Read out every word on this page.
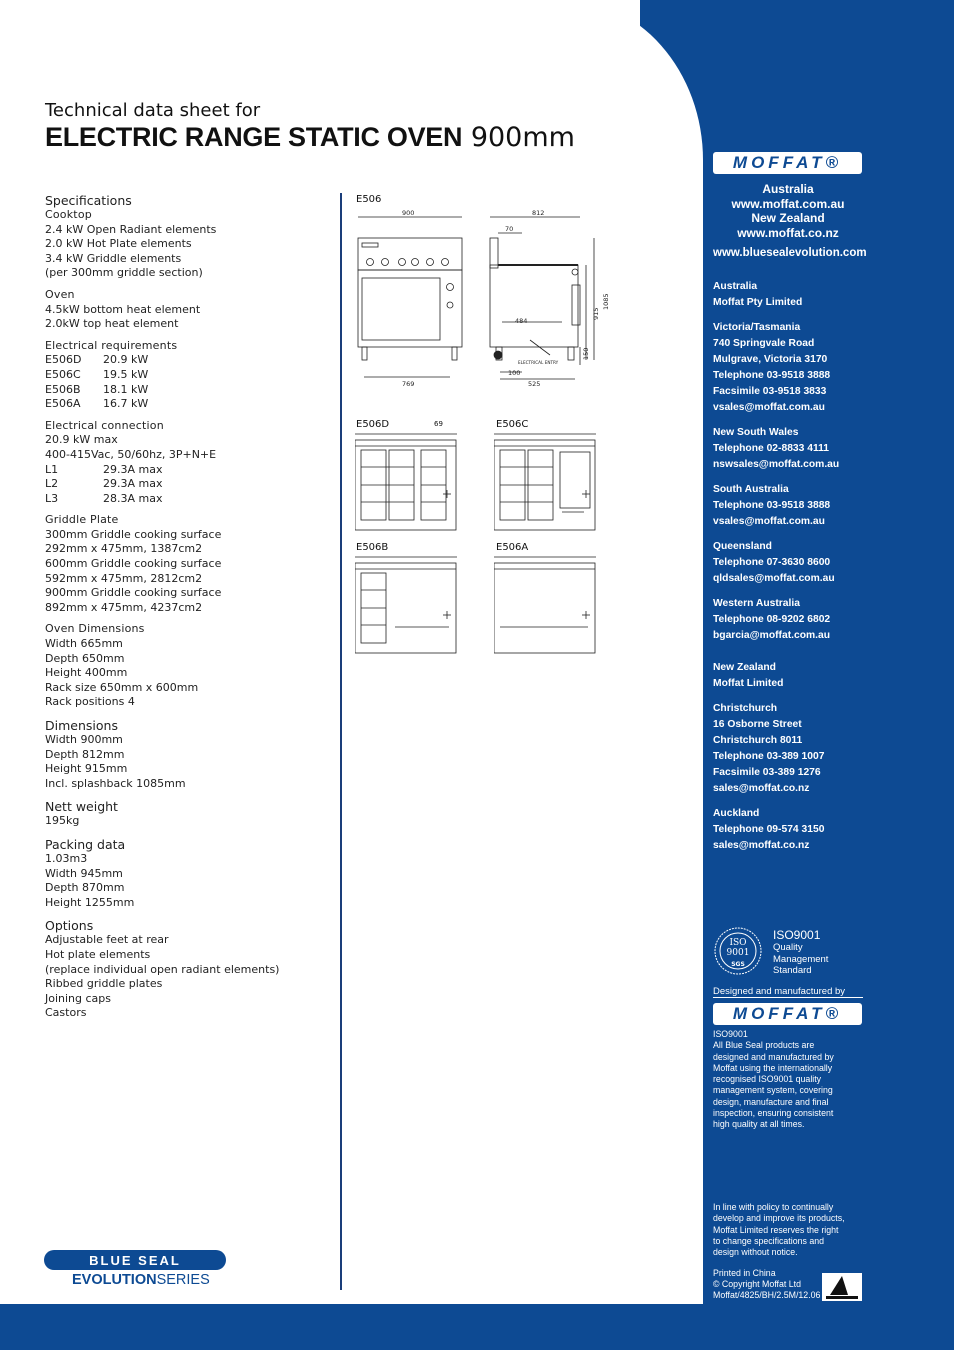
Technical data sheet for
ELECTRIC RANGE STATIC OVEN 900mm
Specifications
Cooktop
2.4 kW Open Radiant elements
2.0 kW Hot Plate elements
3.4 kW Griddle elements
(per 300mm griddle section)
Oven
4.5kW bottom heat element
2.0kW top heat element
Electrical requirements
E506D	20.9 kW
E506C	19.5 kW
E506B	18.1 kW
E506A	16.7 kW
Electrical connection
20.9 kW max
400-415Vac, 50/60hz, 3P+N+E
L1	29.3A max
L2	29.3A max
L3	28.3A max
Griddle Plate
300mm Griddle cooking surface
292mm x 475mm, 1387cm2
600mm Griddle cooking surface
592mm x 475mm, 2812cm2
900mm Griddle cooking surface
892mm x 475mm, 4237cm2
Oven Dimensions
Width 665mm
Depth 650mm
Height 400mm
Rack size 650mm x 600mm
Rack positions 4
Dimensions
Width 900mm
Depth 812mm
Height 915mm
Incl. splashback 1085mm
Nett weight
195kg
Packing data
1.03m3
Width 945mm
Depth 870mm
Height 1255mm
Options
Adjustable feet at rear
Hot plate elements
(replace individual open radiant elements)
Ribbed griddle plates
Joining caps
Castors
E506
900	812
70
484
915
1085
150
100
525
769
ELECTRICAL ENTRY
E506D	69	E506C
E506B	E506A
MOFFAT ®
Australia
www.moffat.com.au
New Zealand
www.moffat.co.nz
www.bluesealevolution.com
Australia
Moffat Pty Limited
Victoria/Tasmania
740 Springvale Road
Mulgrave, Victoria 3170
Telephone 03-9518 3888
Facsimile 03-9518 3833
vsales@moffat.com.au
New South Wales
Telephone 02-8833 4111
nswsales@moffat.com.au
South Australia
Telephone 03-9518 3888
vsales@moffat.com.au
Queensland
Telephone 07-3630 8600
qldsales@moffat.com.au
Western Australia
Telephone 08-9202 6802
bgarcia@moffat.com.au
New Zealand
Moffat Limited
Christchurch
16 Osborne Street
Christchurch 8011
Telephone 03-389 1007
Facsimile 03-389 1276
sales@moffat.co.nz
Auckland
Telephone 09-574 3150
sales@moffat.co.nz
ISO
9001
SGS
ISO9001
Quality
Management
Standard
Designed and manufactured by
MOFFAT ®
ISO9001
All Blue Seal products are
designed and manufactured by
Moffat using the internationally
recognised ISO9001 quality
management system, covering
design, manufacture and final
inspection, ensuring consistent
high quality at all times.
In line with policy to continually
develop and improve its products,
Moffat Limited reserves the right
to change specifications and
design without notice.
Printed in China
© Copyright Moffat Ltd
Moffat/4825/BH/2.5M/12.06
BLUE SEAL
EVOLUTIONSERIES
